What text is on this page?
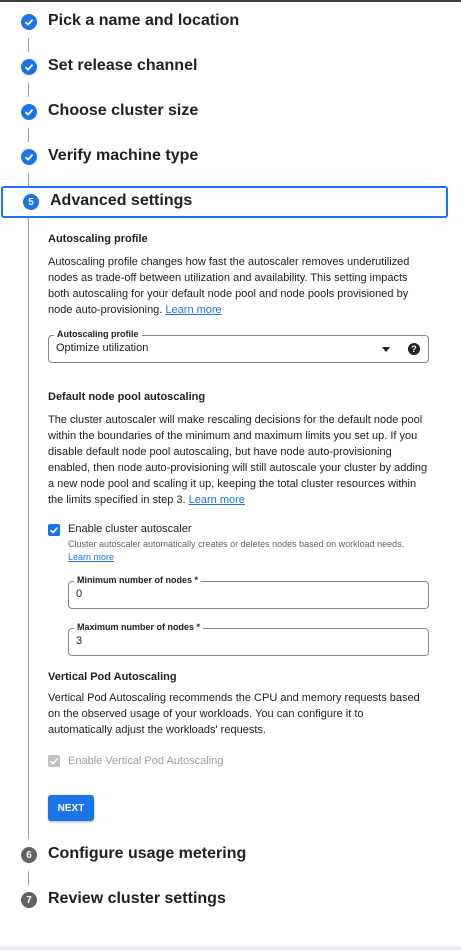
Pick a name and location
Set release channel
Choose cluster size
Verify machine type
5	Advanced settings
Autoscaling profile
Autoscaling profile changes how fast the autoscaler removes underutilized nodes as trade-off between utilization and availability. This setting impacts both autoscaling for your default node pool and node pools provisioned by node auto-provisioning. Learn more
Autoscaling profile
Optimize utilization	?
Default node pool autoscaling
The cluster autoscaler will make rescaling decisions for the default node pool within the boundaries of the minimum and maximum limits you set up. If you disable default node pool autoscaling, but have node auto-provisioning enabled, then node auto-provisioning will still autoscale your cluster by adding a new node pool and scaling it up, keeping the total cluster resources within the limits specified in step 3. Learn more
Enable cluster autoscaler
Cluster autoscaler automatically creates or deletes nodes based on workload needs.
Learn more
Minimum number of nodes *
0
Maximum number of nodes *
3
Vertical Pod Autoscaling
Vertical Pod Autoscaling recommends the CPU and memory requests based on the observed usage of your workloads. You can configure it to automatically adjust the workloads' requests.
Enable Vertical Pod Autoscaling
NEXT
6	Configure usage metering
7	Review cluster settings
